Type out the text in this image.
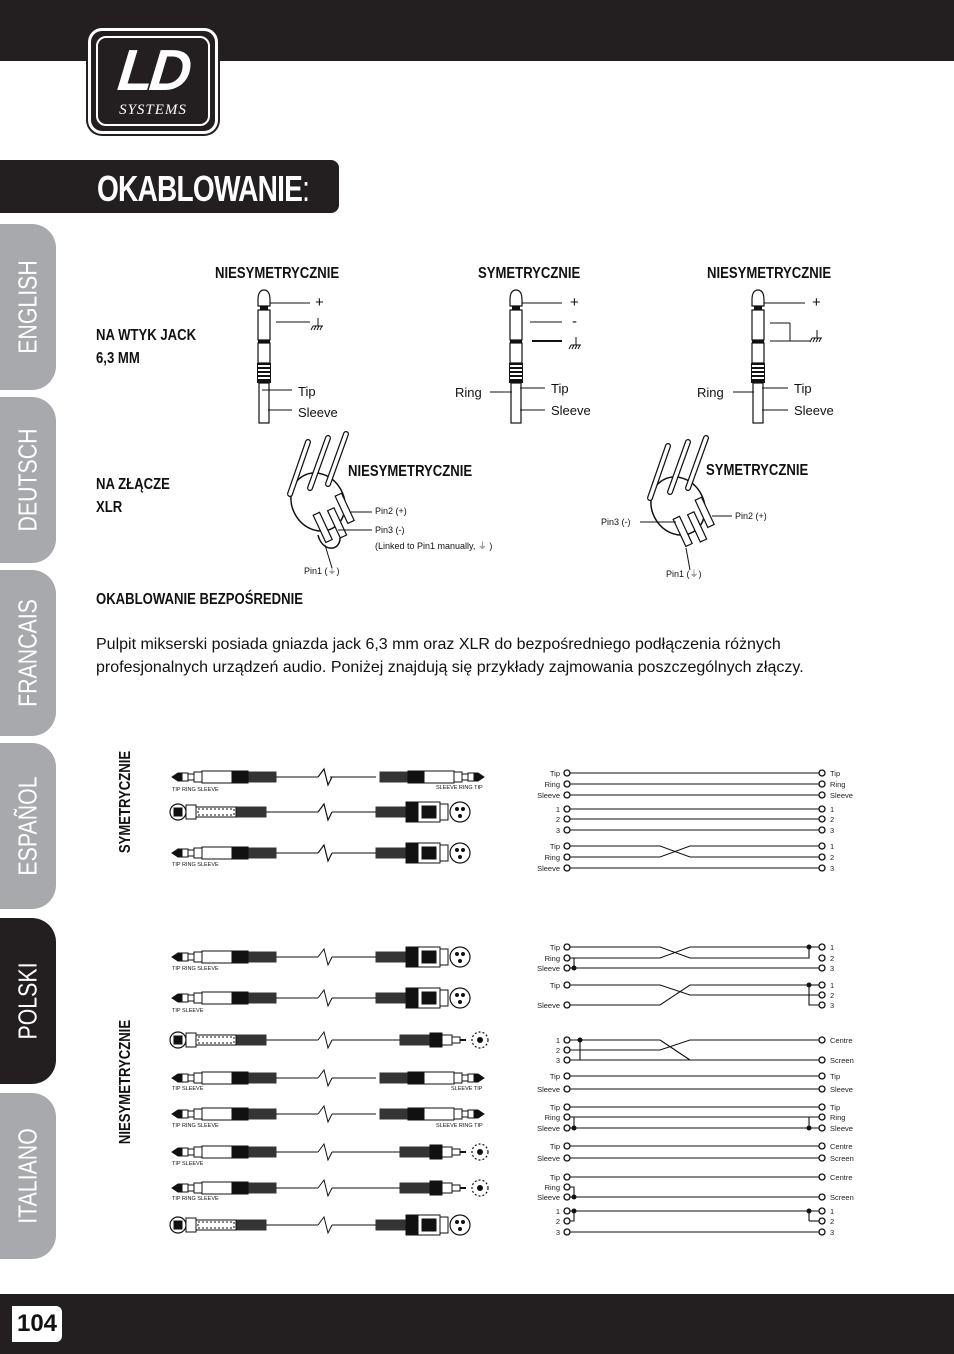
LD
SYSTEMS
OKABLOWANIE:
ENGLISH
DEUTSCH
FRANCAIS
ESPAÑOL
POLSKI
ITALIANO
NIESYMETRYCZNIE	SYMETRYCZNIE	NIESYMETRYCZNIE
NA WTYK JACK
6,3 MM
+
Tip
Sleeve
+
-
Ring	Tip
Sleeve
+
Ring	Tip
Sleeve
NA ZŁĄCZE
XLR
NIESYMETRYCZNIE	SYMETRYCZNIE
Pin2 (+)
Pin3 (-)
(Linked to Pin1 manually, ⏚ )
Pin1 (⏚)
Pin2 (+)
Pin3 (-)
Pin1 (⏚)
OKABLOWANIE BEZPOŚREDNIE
Pulpit mikserski posiada gniazda jack 6,3 mm oraz XLR do bezpośredniego podłączenia różnych profesjonalnych urządzeń audio. Poniżej znajdują się przykłady zajmowania poszczególnych złączy.
SYMETRYCZNIE
NIESYMETRYCZNIE
TIP RING SLEEVE	SLEEVE RING TIP
TIP RING SLEEVE
TIP RING SLEEVE
TIP SLEEVE
TIP SLEEVE	SLEEVE TIP
TIP RING SLEEVE	SLEEVE RING TIP
TIP SLEEVE
TIP RING SLEEVE
Tip
Ring
Sleeve
1
2
3
Tip
Ring
Sleeve
Tip
Ring
Sleeve
Tip
Sleeve
1
2
3
Tip
Sleeve
Tip
Ring
Sleeve
Tip
Sleeve
Tip
Ring
Sleeve
1
2
3
Tip
Ring
Sleeve
1
2
3
1
2
3
1
2
3
1
2
3
Centre
Screen
Tip
Sleeve
Tip
Ring
Sleeve
Centre
Screen
Centre
Screen
1
2
3
104
